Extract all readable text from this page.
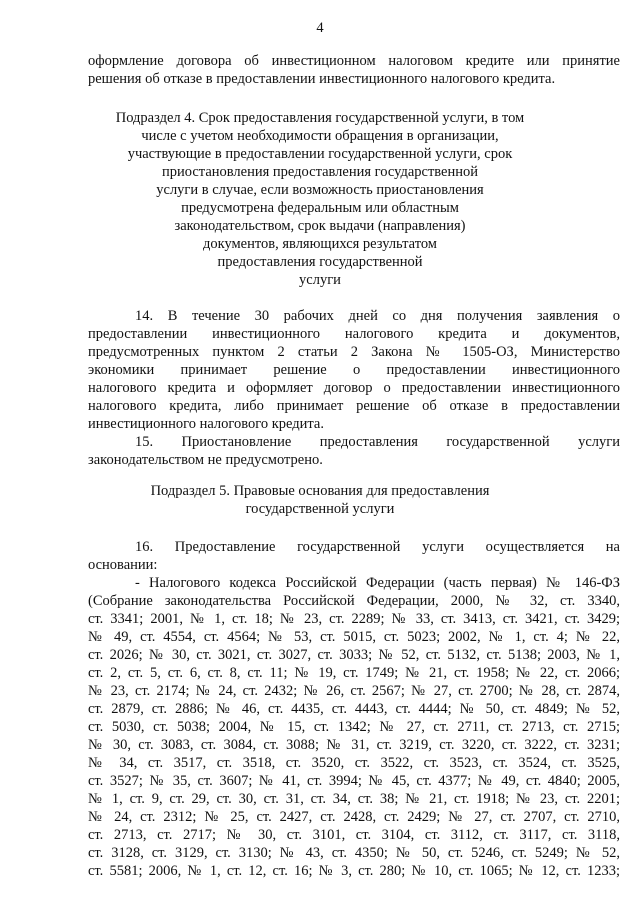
4
оформление договора об инвестиционном налоговом кредите или принятие
решения об отказе в предоставлении инвестиционного налогового кредита.
Подраздел 4. Срок предоставления государственной услуги, в том
числе с учетом необходимости обращения в организации,
участвующие в предоставлении государственной услуги, срок
приостановления предоставления государственной
услуги в случае, если возможность приостановления
предусмотрена федеральным или областным
законодательством, срок выдачи (направления)
документов, являющихся результатом
предоставления государственной
услуги
14. В течение 30 рабочих дней со дня получения заявления о
предоставлении инвестиционного налогового кредита и документов,
предусмотренных пунктом 2 статьи 2 Закона № 1505-ОЗ, Министерство
экономики принимает решение о предоставлении инвестиционного
налогового кредита и оформляет договор о предоставлении инвестиционного
налогового кредита, либо принимает решение об отказе в предоставлении
инвестиционного налогового кредита.
15. Приостановление предоставления государственной услуги
законодательством не предусмотрено.
Подраздел 5. Правовые основания для предоставления
государственной услуги
16. Предоставление государственной услуги осуществляется на
основании:
- Налогового кодекса Российской Федерации (часть первая) № 146-ФЗ
(Собрание законодательства Российской Федерации, 2000, № 32, ст. 3340,
ст. 3341; 2001, № 1, ст. 18; № 23, ст. 2289; № 33, ст. 3413, ст. 3421, ст. 3429;
№ 49, ст. 4554, ст. 4564; № 53, ст. 5015, ст. 5023; 2002, № 1, ст. 4; № 22,
ст. 2026; № 30, ст. 3021, ст. 3027, ст. 3033; № 52, ст. 5132, ст. 5138; 2003, № 1,
ст. 2, ст. 5, ст. 6, ст. 8, ст. 11; № 19, ст. 1749; № 21, ст. 1958; № 22, ст. 2066;
№ 23, ст. 2174; № 24, ст. 2432; № 26, ст. 2567; № 27, ст. 2700; № 28, ст. 2874,
ст. 2879, ст. 2886; № 46, ст. 4435, ст. 4443, ст. 4444; № 50, ст. 4849; № 52,
ст. 5030, ст. 5038; 2004, № 15, ст. 1342; № 27, ст. 2711, ст. 2713, ст. 2715;
№ 30, ст. 3083, ст. 3084, ст. 3088; № 31, ст. 3219, ст. 3220, ст. 3222, ст. 3231;
№ 34, ст. 3517, ст. 3518, ст. 3520, ст. 3522, ст. 3523, ст. 3524, ст. 3525,
ст. 3527; № 35, ст. 3607; № 41, ст. 3994; № 45, ст. 4377; № 49, ст. 4840; 2005,
№ 1, ст. 9, ст. 29, ст. 30, ст. 31, ст. 34, ст. 38; № 21, ст. 1918; № 23, ст. 2201;
№ 24, ст. 2312; № 25, ст. 2427, ст. 2428, ст. 2429; № 27, ст. 2707, ст. 2710,
ст. 2713, ст. 2717; № 30, ст. 3101, ст. 3104, ст. 3112, ст. 3117, ст. 3118,
ст. 3128, ст. 3129, ст. 3130; № 43, ст. 4350; № 50, ст. 5246, ст. 5249; № 52,
ст. 5581; 2006, № 1, ст. 12, ст. 16; № 3, ст. 280; № 10, ст. 1065; № 12, ст. 1233;
